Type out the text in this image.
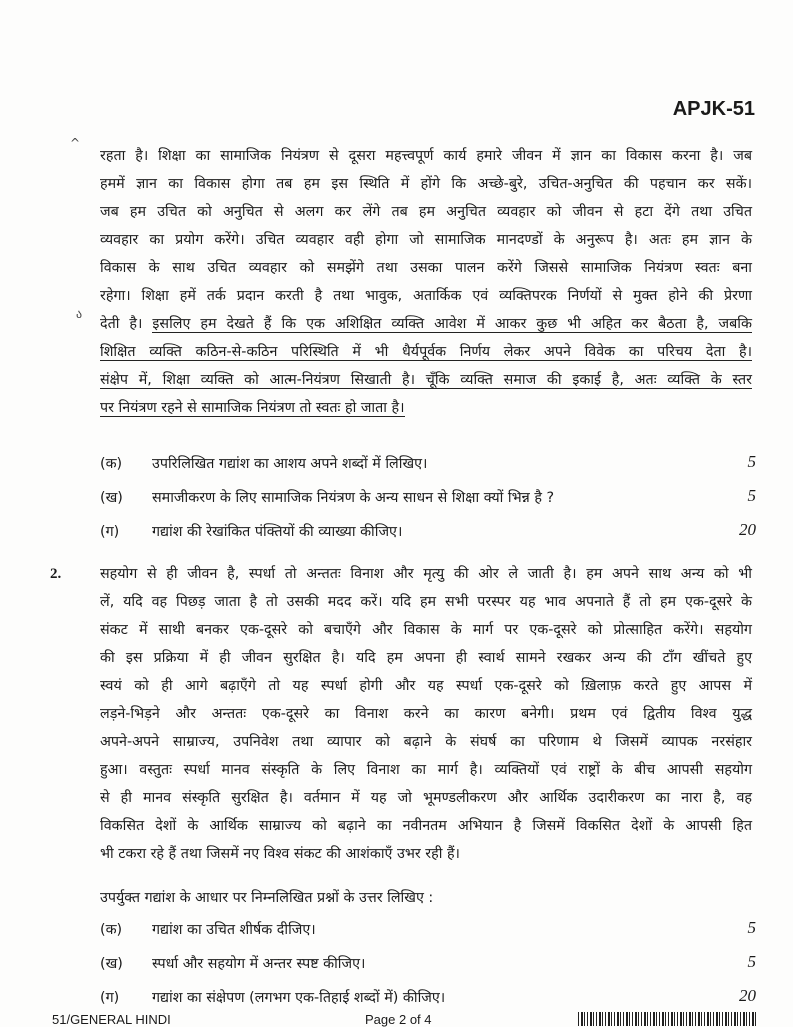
APJK-51
^
ა
रहता है। शिक्षा का सामाजिक नियंत्रण से दूसरा महत्त्वपूर्ण कार्य हमारे जीवन में ज्ञान का विकास करना है। जब
हममें ज्ञान का विकास होगा तब हम इस स्थिति में होंगे कि अच्छे-बुरे, उचित-अनुचित की पहचान कर सकें।
जब हम उचित को अनुचित से अलग कर लेंगे तब हम अनुचित व्यवहार को जीवन से हटा देंगे तथा उचित
व्यवहार का प्रयोग करेंगे। उचित व्यवहार वही होगा जो सामाजिक मानदण्डों के अनुरूप है। अतः हम ज्ञान के
विकास के साथ उचित व्यवहार को समझेंगे तथा उसका पालन करेंगे जिससे सामाजिक नियंत्रण स्वतः बना
रहेगा। शिक्षा हमें तर्क प्रदान करती है तथा भावुक, अतार्किक एवं व्यक्तिपरक निर्णयों से मुक्त होने की प्रेरणा
देती है। इसलिए हम देखते हैं कि एक अशिक्षित व्यक्ति आवेश में आकर कुछ भी अहित कर बैठता है, जबकि
शिक्षित व्यक्ति कठिन-से-कठिन परिस्थिति में भी धैर्यपूर्वक निर्णय लेकर अपने विवेक का परिचय देता है।
संक्षेप में, शिक्षा व्यक्ति को आत्म-नियंत्रण सिखाती है। चूँकि व्यक्ति समाज की इकाई है, अतः व्यक्ति के स्तर
पर नियंत्रण रहने से सामाजिक नियंत्रण तो स्वतः हो जाता है।
(क) उपरिलिखित गद्यांश का आशय अपने शब्दों में लिखिए।	5
(ख) समाजीकरण के लिए सामाजिक नियंत्रण के अन्य साधन से शिक्षा क्यों भिन्न है ?	5
(ग) गद्यांश की रेखांकित पंक्तियों की व्याख्या कीजिए।	20
2.	सहयोग से ही जीवन है, स्पर्धा तो अन्ततः विनाश और मृत्यु की ओर ले जाती है। हम अपने साथ अन्य को भी
लें, यदि वह पिछड़ जाता है तो उसकी मदद करें। यदि हम सभी परस्पर यह भाव अपनाते हैं तो हम एक-दूसरे के
संकट में साथी बनकर एक-दूसरे को बचाएँगे और विकास के मार्ग पर एक-दूसरे को प्रोत्साहित करेंगे। सहयोग
की इस प्रक्रिया में ही जीवन सुरक्षित है। यदि हम अपना ही स्वार्थ सामने रखकर अन्य की टाँग खींचते हुए
स्वयं को ही आगे बढ़ाएँगे तो यह स्पर्धा होगी और यह स्पर्धा एक-दूसरे को ख़िलाफ़ करते हुए आपस में
लड़ने-भिड़ने और अन्ततः एक-दूसरे का विनाश करने का कारण बनेगी। प्रथम एवं द्वितीय विश्व युद्ध
अपने-अपने साम्राज्य, उपनिवेश तथा व्यापार को बढ़ाने के संघर्ष का परिणाम थे जिसमें व्यापक नरसंहार
हुआ। वस्तुतः स्पर्धा मानव संस्कृति के लिए विनाश का मार्ग है। व्यक्तियों एवं राष्ट्रों के बीच आपसी सहयोग
से ही मानव संस्कृति सुरक्षित है। वर्तमान में यह जो भूमण्डलीकरण और आर्थिक उदारीकरण का नारा है, वह
विकसित देशों के आर्थिक साम्राज्य को बढ़ाने का नवीनतम अभियान है जिसमें विकसित देशों के आपसी हित
भी टकरा रहे हैं तथा जिसमें नए विश्व संकट की आशंकाएँ उभर रही हैं।
उपर्युक्त गद्यांश के आधार पर निम्नलिखित प्रश्नों के उत्तर लिखिए :
(क) गद्यांश का उचित शीर्षक दीजिए।	5
(ख) स्पर्धा और सहयोग में अन्तर स्पष्ट कीजिए।	5
(ग) गद्यांश का संक्षेपण (लगभग एक-तिहाई शब्दों में) कीजिए।	20
51/GENERAL HINDI	Page 2 of 4
